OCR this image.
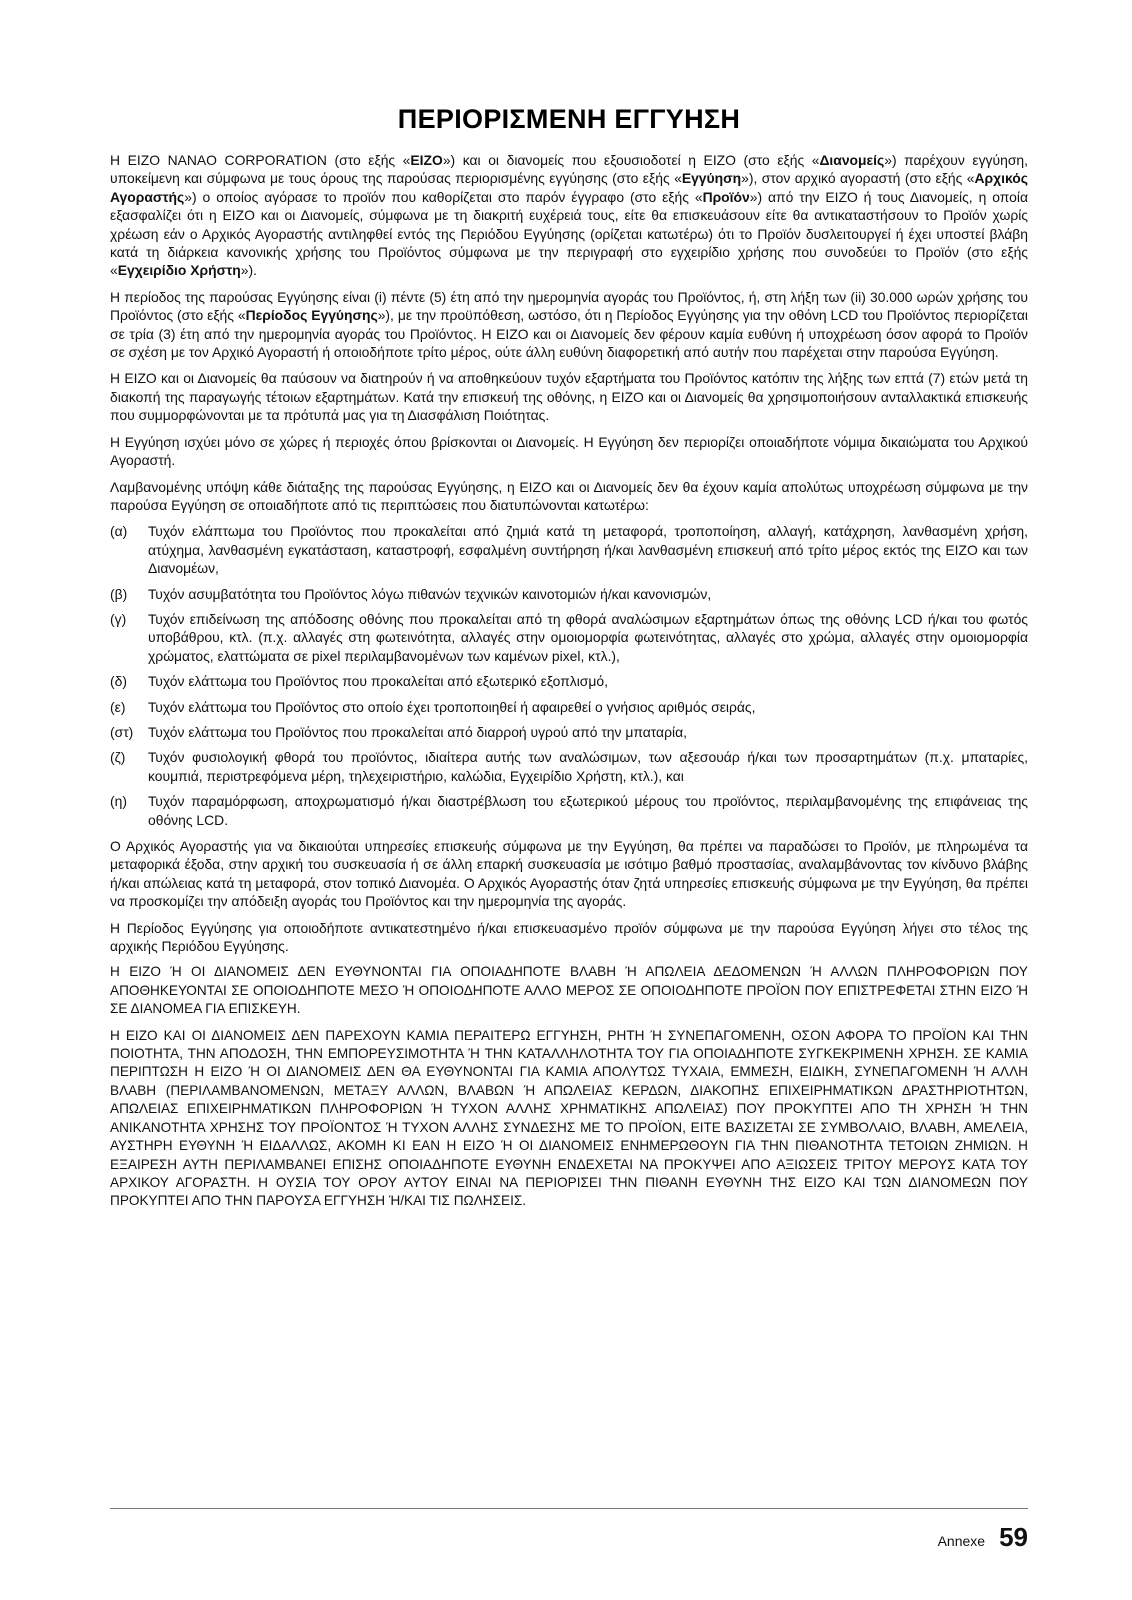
ΠΕΡΙΟΡΙΣΜΕΝΗ ΕΓΓΥΗΣΗ

Η EIZO NANAO CORPORATION (στο εξής «EIZO») και οι διανομείς που εξουσιοδοτεί η EIZO (στο εξής «Διανομείς») παρέχουν εγγύηση, υποκείμενη και σύμφωνα με τους όρους της παρούσας περιορισμένης εγγύησης (στο εξής «Εγγύηση»), στον αρχικό αγοραστή (στο εξής «Αρχικός Αγοραστής») ο οποίος αγόρασε το προϊόν που καθορίζεται στο παρόν έγγραφο (στο εξής «Προϊόν») από την EIZO ή τους Διανομείς, η οποία εξασφαλίζει ότι η EIZO και οι Διανομείς, σύμφωνα με τη διακριτή ευχέρειά τους, είτε θα επισκευάσουν είτε θα αντικαταστήσουν το Προϊόν χωρίς χρέωση εάν ο Αρχικός Αγοραστής αντιληφθεί εντός της Περιόδου Εγγύησης (ορίζεται κατωτέρω) ότι το Προϊόν δυσλειτουργεί ή έχει υποστεί βλάβη κατά τη διάρκεια κανονικής χρήσης του Προϊόντος σύμφωνα με την περιγραφή στο εγχειρίδιο χρήσης που συνοδεύει το Προϊόν (στο εξής «Εγχειρίδιο Χρήστη»).

Η περίοδος της παρούσας Εγγύησης είναι (i) πέντε (5) έτη από την ημερομηνία αγοράς του Προϊόντος, ή, στη λήξη των (ii) 30.000 ωρών χρήσης του Προϊόντος (στο εξής «Περίοδος Εγγύησης»), με την προϋπόθεση, ωστόσο, ότι η Περίοδος Εγγύησης για την οθόνη LCD του Προϊόντος περιορίζεται σε τρία (3) έτη από την ημερομηνία αγοράς του Προϊόντος. Η EIZO και οι Διανομείς δεν φέρουν καμία ευθύνη ή υποχρέωση όσον αφορά το Προϊόν σε σχέση με τον Αρχικό Αγοραστή ή οποιοδήποτε τρίτο μέρος, ούτε άλλη ευθύνη διαφορετική από αυτήν που παρέχεται στην παρούσα Εγγύηση.

Η EIZO και οι Διανομείς θα παύσουν να διατηρούν ή να αποθηκεύουν τυχόν εξαρτήματα του Προϊόντος κατόπιν της λήξης των επτά (7) ετών μετά τη διακοπή της παραγωγής τέτοιων εξαρτημάτων. Κατά την επισκευή της οθόνης, η EIZO και οι Διανομείς θα χρησιμοποιήσουν ανταλλακτικά επισκευής που συμμορφώνονται με τα πρότυπά μας για τη Διασφάλιση Ποιότητας.

Η Εγγύηση ισχύει μόνο σε χώρες ή περιοχές όπου βρίσκονται οι Διανομείς. Η Εγγύηση δεν περιορίζει οποιαδήποτε νόμιμα δικαιώματα του Αρχικού Αγοραστή.

Λαμβανομένης υπόψη κάθε διάταξης της παρούσας Εγγύησης, η EIZO και οι Διανομείς δεν θα έχουν καμία απολύτως υποχρέωση σύμφωνα με την παρούσα Εγγύηση σε οποιαδήποτε από τις περιπτώσεις που διατυπώνονται κατωτέρω:

(α)	Τυχόν ελάπτωμα του Προϊόντος που προκαλείται από ζημιά κατά τη μεταφορά, τροποποίηση, αλλαγή, κατάχρηση, λανθασμένη χρήση, ατύχημα, λανθασμένη εγκατάσταση, καταστροφή, εσφαλμένη συντήρηση ή/και λανθασμένη επισκευή από τρίτο μέρος εκτός της EIZO και των Διανομέων,
(β)	Τυχόν ασυμβατότητα του Προϊόντος λόγω πιθανών τεχνικών καινοτομιών ή/και κανονισμών,
(γ)	Τυχόν επιδείνωση της απόδοσης οθόνης που προκαλείται από τη φθορά αναλώσιμων εξαρτημάτων όπως της οθόνης LCD ή/και του φωτός υποβάθρου, κτλ. (π.χ. αλλαγές στη φωτεινότητα, αλλαγές στην ομοιομορφία φωτεινότητας, αλλαγές στο χρώμα, αλλαγές στην ομοιομορφία χρώματος, ελαττώματα σε pixel περιλαμβανομένων των καμένων pixel, κτλ.),
(δ)	Τυχόν ελάττωμα του Προϊόντος που προκαλείται από εξωτερικό εξοπλισμό,
(ε)	Τυχόν ελάττωμα του Προϊόντος στο οποίο έχει τροποποιηθεί ή αφαιρεθεί ο γνήσιος αριθμός σειράς,
(στ)	Τυχόν ελάττωμα του Προϊόντος που προκαλείται από διαρροή υγρού από την μπαταρία,
(ζ)	Τυχόν φυσιολογική φθορά του προϊόντος, ιδιαίτερα αυτής των αναλώσιμων, των αξεσουάρ ή/και των προσαρτημάτων (π.χ. μπαταρίες, κουμπιά, περιστρεφόμενα μέρη, τηλεχειριστήριο, καλώδια, Εγχειρίδιο Χρήστη, κτλ.), και
(η)	Τυχόν παραμόρφωση, αποχρωματισμό ή/και διαστρέβλωση του εξωτερικού μέρους του προϊόντος, περιλαμβανομένης της επιφάνειας της οθόνης LCD.

Ο Αρχικός Αγοραστής για να δικαιούται υπηρεσίες επισκευής σύμφωνα με την Εγγύηση, θα πρέπει να παραδώσει το Προϊόν, με πληρωμένα τα μεταφορικά έξοδα, στην αρχική του συσκευασία ή σε άλλη επαρκή συσκευασία με ισότιμο βαθμό προστασίας, αναλαμβάνοντας τον κίνδυνο βλάβης ή/και απώλειας κατά τη μεταφορά, στον τοπικό Διανομέα. Ο Αρχικός Αγοραστής όταν ζητά υπηρεσίες επισκευής σύμφωνα με την Εγγύηση, θα πρέπει να προσκομίζει την απόδειξη αγοράς του Προϊόντος και την ημερομηνία της αγοράς.

Η Περίοδος Εγγύησης για οποιοδήποτε αντικατεστημένο ή/και επισκευασμένο προϊόν σύμφωνα με την παρούσα Εγγύηση λήγει στο τέλος της αρχικής Περιόδου Εγγύησης.

Η EIZO Ή ΟΙ ΔΙΑΝΟΜΕΙΣ ΔΕΝ ΕΥΘΥΝΟΝΤΑΙ ΓΙΑ ΟΠΟΙΑΔΗΠΟΤΕ ΒΛΑΒΗ Ή ΑΠΩΛΕΙΑ ΔΕΔΟΜΕΝΩΝ Ή ΑΛΛΩΝ ΠΛΗΡΟΦΟΡΙΩΝ ΠΟΥ ΑΠΟΘΗΚΕΥΟΝΤΑΙ ΣΕ ΟΠΟΙΟΔΗΠΟΤΕ ΜΕΣΟ Ή ΟΠΟΙΟΔΗΠΟΤΕ ΑΛΛΟ ΜΕΡΟΣ ΣΕ ΟΠΟΙΟΔΗΠΟΤΕ ΠΡΟΪΟΝ ΠΟΥ ΕΠΙΣΤΡΕΦΕΤΑΙ ΣΤΗΝ EIZO Ή ΣΕ ΔΙΑΝΟΜΕΑ ΓΙΑ ΕΠΙΣΚΕΥΗ.

Η EIZO ΚΑΙ ΟΙ ΔΙΑΝΟΜΕΙΣ ΔΕΝ ΠΑΡΕΧΟΥΝ ΚΑΜΙΑ ΠΕΡΑΙΤΕΡΩ ΕΓΓΥΗΣΗ, ΡΗΤΗ Ή ΣΥΝΕΠΑΓΟΜΕΝΗ, ΟΣΟΝ ΑΦΟΡΑ ΤΟ ΠΡΟΪΟΝ ΚΑΙ ΤΗΝ ΠΟΙΟΤΗΤΑ, ΤΗΝ ΑΠΟΔΟΣΗ, ΤΗΝ ΕΜΠΟΡΕΥΣΙΜΟΤΗΤΑ Ή ΤΗΝ ΚΑΤΑΛΛΗΛΟΤΗΤΑ ΤΟΥ ΓΙΑ ΟΠΟΙΑΔΗΠΟΤΕ ΣΥΓΚΕΚΡΙΜΕΝΗ ΧΡΗΣΗ. ΣΕ ΚΑΜΙΑ ΠΕΡΙΠΤΩΣΗ Η EIZO Ή ΟΙ ΔΙΑΝΟΜΕΙΣ ΔΕΝ ΘΑ ΕΥΘΥΝΟΝΤΑΙ ΓΙΑ ΚΑΜΙΑ ΑΠΟΛΥΤΩΣ ΤΥΧΑΙΑ, ΕΜΜΕΣΗ, ΕΙΔΙΚΗ, ΣΥΝΕΠΑΓΟΜΕΝΗ Ή ΑΛΛΗ ΒΛΑΒΗ (ΠΕΡΙΛΑΜΒΑΝΟΜΕΝΩΝ, ΜΕΤΑΞΥ ΑΛΛΩΝ, ΒΛΑΒΩΝ Ή ΑΠΩΛΕΙΑΣ ΚΕΡΔΩΝ, ΔΙΑΚΟΠΗΣ ΕΠΙΧΕΙΡΗΜΑΤΙΚΩΝ ΔΡΑΣΤΗΡΙΟΤΗΤΩΝ, ΑΠΩΛΕΙΑΣ ΕΠΙΧΕΙΡΗΜΑΤΙΚΩΝ ΠΛΗΡΟΦΟΡΙΩΝ Ή ΤΥΧΟΝ ΑΛΛΗΣ ΧΡΗΜΑΤΙΚΗΣ ΑΠΩΛΕΙΑΣ) ΠΟΥ ΠΡΟΚΥΠΤΕΙ ΑΠΟ ΤΗ ΧΡΗΣΗ Ή ΤΗΝ ΑΝΙΚΑΝΟΤΗΤΑ ΧΡΗΣΗΣ ΤΟΥ ΠΡΟΪΟΝΤΟΣ Ή ΤΥΧΟΝ ΑΛΛΗΣ ΣΥΝΔΕΣΗΣ ΜΕ ΤΟ ΠΡΟΪΟΝ, ΕΙΤΕ ΒΑΣΙΖΕΤΑΙ ΣΕ ΣΥΜΒΟΛΑΙΟ, ΒΛΑΒΗ, ΑΜΕΛΕΙΑ, ΑΥΣΤΗΡΗ ΕΥΘΥΝΗ Ή ΕΙΔΑΛΛΩΣ, ΑΚΟΜΗ ΚΙ ΕΑΝ Η EIZO Ή ΟΙ ΔΙΑΝΟΜΕΙΣ ΕΝΗΜΕΡΩΘΟΥΝ ΓΙΑ ΤΗΝ ΠΙΘΑΝΟΤΗΤΑ ΤΕΤΟΙΩΝ ΖΗΜΙΩΝ. Η ΕΞΑΙΡΕΣΗ ΑΥΤΗ ΠΕΡΙΛΑΜΒΑΝΕΙ ΕΠΙΣΗΣ ΟΠΟΙΑΔΗΠΟΤΕ ΕΥΘΥΝΗ ΕΝΔΕΧΕΤΑΙ ΝΑ ΠΡΟΚΥΨΕΙ ΑΠΟ ΑΞΙΩΣΕΙΣ ΤΡΙΤΟΥ ΜΕΡΟΥΣ ΚΑΤΑ ΤΟΥ ΑΡΧΙΚΟΥ ΑΓΟΡΑΣΤΗ. Η ΟΥΣΙΑ ΤΟΥ ΟΡΟΥ ΑΥΤΟΥ ΕΙΝΑΙ ΝΑ ΠΕΡΙΟΡΙΣΕΙ ΤΗΝ ΠΙΘΑΝΗ ΕΥΘΥΝΗ ΤΗΣ EIZO ΚΑΙ ΤΩΝ ΔΙΑΝΟΜΕΩΝ ΠΟΥ ΠΡΟΚΥΠΤΕΙ ΑΠΟ ΤΗΝ ΠΑΡΟΥΣΑ ΕΓΓΥΗΣΗ Ή/ΚΑΙ ΤΙΣ ΠΩΛΗΣΕΙΣ.

Annexe 59
